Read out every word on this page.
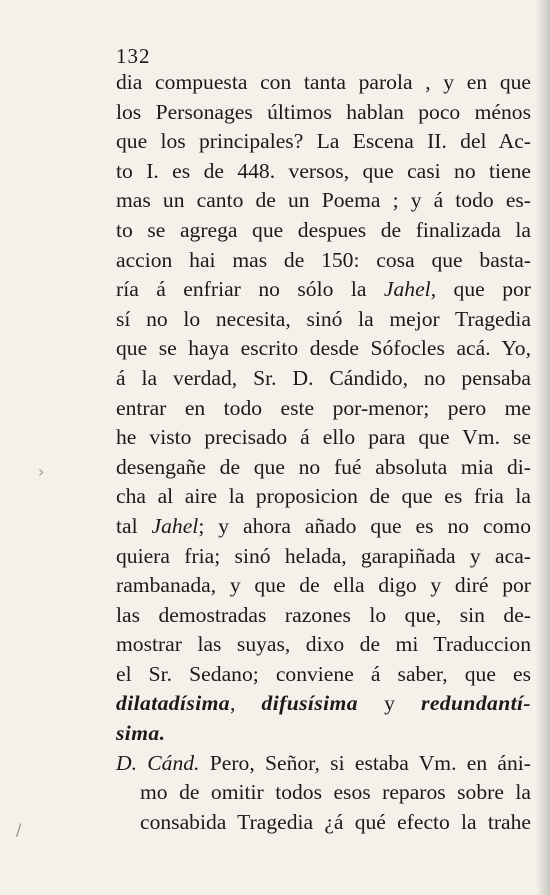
132
dia compuesta con tanta parola , y en que
los Personages últimos hablan poco ménos
que los principales? La Escena II. del Ac-
to I. es de 448. versos, que casi no tiene
mas un canto de un Poema ; y á todo es-
to se agrega que despues de finalizada la
accion hai mas de 150: cosa que basta-
ría á enfriar no sólo la Jahel, que por
sí no lo necesita, sinó la mejor Tragedia
que se haya escrito desde Sófocles acá. Yo,
á la verdad, Sr. D. Cándido, no pensaba
entrar en todo este por-menor; pero me
he visto precisado á ello para que Vm. se
desengañe de que no fué absoluta mia di-
cha al aire la proposicion de que es fria la
tal Jahel; y ahora añado que es no como
quiera fria; sinó helada, garapiñada y aca-
rambanada, y que de ella digo y diré por
las demostradas razones lo que, sin de-
mostrar las suyas, dixo de mi Traduccion
el Sr. Sedano; conviene á saber, que es
dilatadísima, difusísima y redundantí-
sima.
D. Cánd. Pero, Señor, si estaba Vm. en áni-
mo de omitir todos esos reparos sobre la
consabida Tragedia ¿á qué efecto la trahe
›
/
